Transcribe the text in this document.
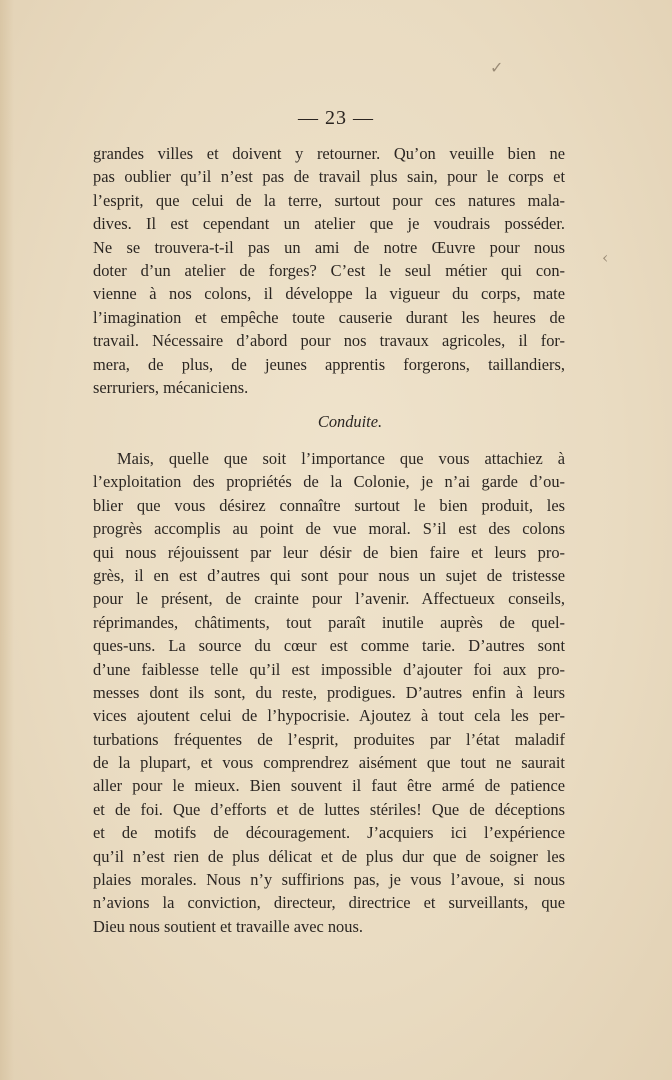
✓
‹
— 23 —
grandes villes et doivent y retourner. Qu’on veuille bien ne
pas oublier qu’il n’est pas de travail plus sain, pour le corps et
l’esprit, que celui de la terre, surtout pour ces natures mala-
dives. Il est cependant un atelier que je voudrais posséder.
Ne se trouvera-t-il pas un ami de notre Œuvre pour nous
doter d’un atelier de forges? C’est le seul métier qui con-
vienne à nos colons, il développe la vigueur du corps, mate
l’imagination et empêche toute causerie durant les heures de
travail. Nécessaire d’abord pour nos travaux agricoles, il for-
mera, de plus, de jeunes apprentis forgerons, taillandiers,
serruriers, mécaniciens.
Conduite.
Mais, quelle que soit l’importance que vous attachiez à
l’exploitation des propriétés de la Colonie, je n’ai garde d’ou-
blier que vous désirez connaître surtout le bien produit, les
progrès accomplis au point de vue moral. S’il est des colons
qui nous réjouissent par leur désir de bien faire et leurs pro-
grès, il en est d’autres qui sont pour nous un sujet de tristesse
pour le présent, de crainte pour l’avenir. Affectueux conseils,
réprimandes, châtiments, tout paraît inutile auprès de quel-
ques-uns. La source du cœur est comme tarie. D’autres sont
d’une faiblesse telle qu’il est impossible d’ajouter foi aux pro-
messes dont ils sont, du reste, prodigues. D’autres enfin à leurs
vices ajoutent celui de l’hypocrisie. Ajoutez à tout cela les per-
turbations fréquentes de l’esprit, produites par l’état maladif
de la plupart, et vous comprendrez aisément que tout ne saurait
aller pour le mieux. Bien souvent il faut être armé de patience
et de foi. Que d’efforts et de luttes stériles! Que de déceptions
et de motifs de découragement. J’acquiers ici l’expérience
qu’il n’est rien de plus délicat et de plus dur que de soigner les
plaies morales. Nous n’y suffirions pas, je vous l’avoue, si nous
n’avions la conviction, directeur, directrice et surveillants, que
Dieu nous soutient et travaille avec nous.
